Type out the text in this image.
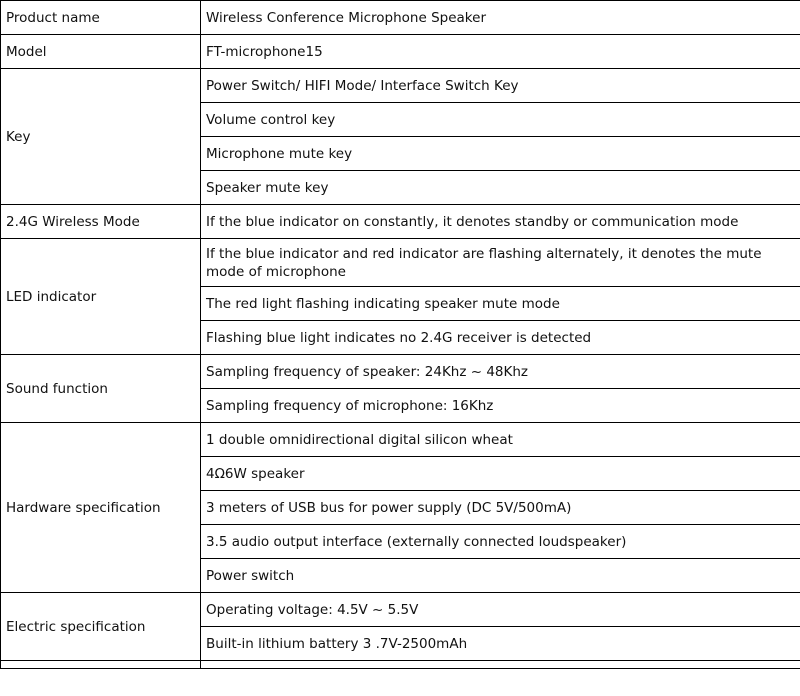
Product name	Wireless Conference Microphone Speaker
Model	FT-microphone15
Key	Power Switch/ HIFI Mode/ Interface Switch Key
	Volume control key
	Microphone mute key
	Speaker mute key
2.4G Wireless Mode	If the blue indicator on constantly, it denotes standby or communication mode
LED indicator	If the blue indicator and red indicator are flashing alternately, it denotes the mute mode of microphone
	The red light flashing indicating speaker mute mode
	Flashing blue light indicates no 2.4G receiver is detected
Sound function	Sampling frequency of speaker: 24Khz ~ 48Khz
	Sampling frequency of microphone: 16Khz
Hardware specification	1 double omnidirectional digital silicon wheat
	4Ω6W speaker
	3 meters of USB bus for power supply (DC 5V/500mA)
	3.5 audio output interface (externally connected loudspeaker)
	Power switch
Electric specification	Operating voltage: 4.5V ~ 5.5V
	Built-in lithium battery 3 .7V-2500mAh
